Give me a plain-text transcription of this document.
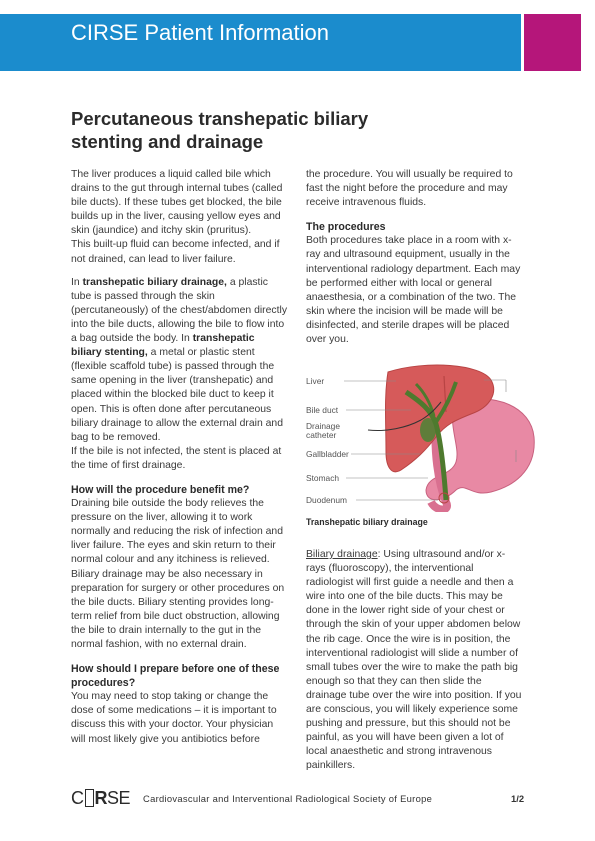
CIRSE Patient Information
Percutaneous transhepatic biliary
stenting and drainage

The liver produces a liquid called bile which drains to the gut through internal tubes (called bile ducts). If these tubes get blocked, the bile builds up in the liver, causing yellow eyes and skin (jaundice) and itchy skin (pruritus).

This built-up fluid can become infected, and if not drained, can lead to liver failure.

In transhepatic biliary drainage, a plastic tube is passed through the skin (percutaneously) of the chest/abdomen directly into the bile ducts, allowing the bile to flow into a bag outside the body. In transhepatic biliary stenting, a metal or plastic stent (flexible scaffold tube) is passed through the same opening in the liver (transhepatic) and placed within the blocked bile duct to keep it open. This is often done after percutaneous biliary drainage to allow the external drain and bag to be removed.

If the bile is not infected, the stent is placed at the time of first drainage.

How will the procedure benefit me?

Draining bile outside the body relieves the pressure on the liver, allowing it to work normally and reducing the risk of infection and liver failure. The eyes and skin return to their normal colour and any itchiness is relieved. Biliary drainage may be also necessary in preparation for surgery or other procedures on the bile ducts. Biliary stenting provides long-term relief from bile duct obstruction, allowing the bile to drain internally to the gut in the normal fashion, with no external drain.

How should I prepare before one of these procedures?

You may need to stop taking or change the dose of some medications – it is important to discuss this with your doctor. Your physician will most likely give you antibiotics before

the procedure. You will usually be required to fast the night before the procedure and may receive intravenous fluids.

The procedures

Both procedures take place in a room with x-ray and ultrasound equipment, usually in the interventional radiology department. Each may be performed either with local or general anaesthesia, or a combination of the two. The skin where the incision will be made will be disinfected, and sterile drapes will be placed over you.

Liver
Bile duct
Drainage
catheter
Gallbladder
Stomach
Duodenum
Transhepatic biliary drainage

Biliary drainage: Using ultrasound and/or x-rays (fluoroscopy), the interventional radiologist will first guide a needle and then a wire into one of the bile ducts. This may be done in the lower right side of your chest or through the skin of your upper abdomen below the rib cage. Once the wire is in position, the interventional radiologist will slide a number of small tubes over the wire to make the path big enough so that they can then slide the drainage tube over the wire into position. If you are conscious, you will likely experience some pushing and pressure, but this should not be painful, as you will have been given a lot of local anaesthetic and strong intravenous painkillers.

C RSE Cardiovascular and Interventional Radiological Society of Europe	1/2
